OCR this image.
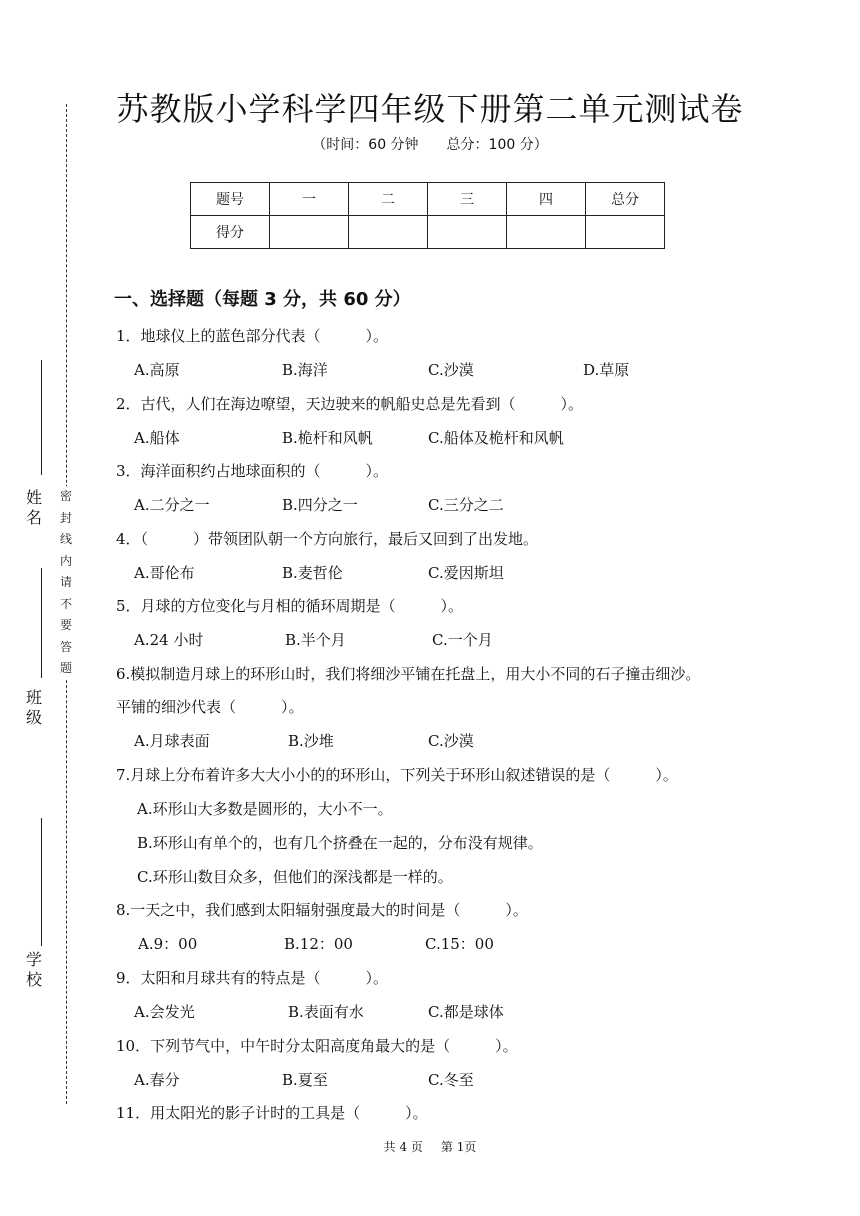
密
封
线
内
请
不
要
答
题
姓名
班级
学校
苏教版小学科学四年级下册第二单元测试卷
（时间：60 分钟 总分：100 分）
题号	一	二	三	四	总分
得分					
一、选择题（每题 3 分，共 60 分）
1．地球仪上的蓝色部分代表（　　　）。
A.高原	B.海洋	C.沙漠	D.草原
2．古代，人们在海边嘹望，天边驶来的帆船史总是先看到（　　　）。
A.船体	B.桅杆和风帆	C.船体及桅杆和风帆
3．海洋面积约占地球面积的（　　　）。
A.二分之一	B.四分之一	C.三分之二
4．（　　　）带领团队朝一个方向旅行，最后又回到了出发地。
A.哥伦布	B.麦哲伦	C.爱因斯坦
5．月球的方位变化与月相的循环周期是（　　　）。
A.24 小时	B.半个月	C.一个月
6.模拟制造月球上的环形山时，我们将细沙平铺在托盘上，用大小不同的石子撞击细沙。
平铺的细沙代表（　　　）。
A.月球表面	B.沙堆	C.沙漠
7.月球上分布着许多大大小小的的环形山，下列关于环形山叙述错误的是（　　　）。
A.环形山大多数是圆形的，大小不一。
B.环形山有单个的，也有几个挤叠在一起的，分布没有规律。
C.环形山数目众多，但他们的深浅都是一样的。
8.一天之中，我们感到太阳辐射强度最大的时间是（　　　）。
A.9：00	B.12：00	C.15：00
9．太阳和月球共有的特点是（　　　）。
A.会发光	B.表面有水	C.都是球体
10．下列节气中，中午时分太阳高度角最大的是（　　　）。
A.春分	B.夏至	C.冬至
11．用太阳光的影子计时的工具是（　　　）。
共 4 页 第 1页
